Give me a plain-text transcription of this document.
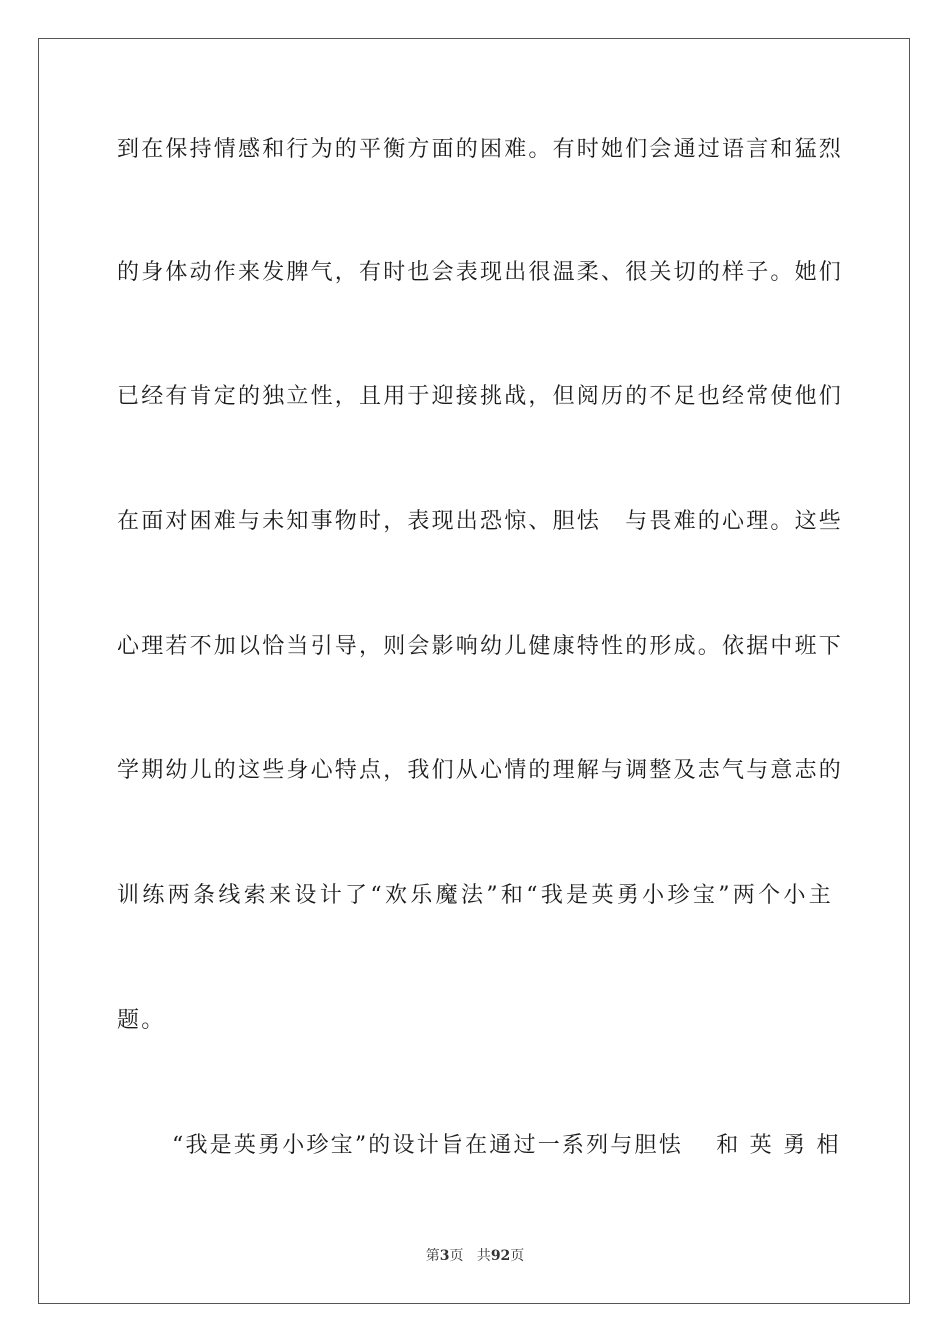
到在保持情感和行为的平衡方面的困难。有时她们会通过语言和猛烈
的身体动作来发脾气，有时也会表现出很温柔、很关切的样子。她们
已经有肯定的独立性，且用于迎接挑战，但阅历的不足也经常使他们
在面对困难与未知事物时，表现出恐惊、胆怯　与畏难的心理。这些
心理若不加以恰当引导，则会影响幼儿健康特性的形成。依据中班下
学期幼儿的这些身心特点，我们从心情的理解与调整及志气与意志的
训练两条线索来设计了“欢乐魔法”和“我是英勇小珍宝”两个小主
题。
“我是英勇小珍宝”的设计旨在通过一系列与胆怯　 和 英 勇 相
第3页 共92页
